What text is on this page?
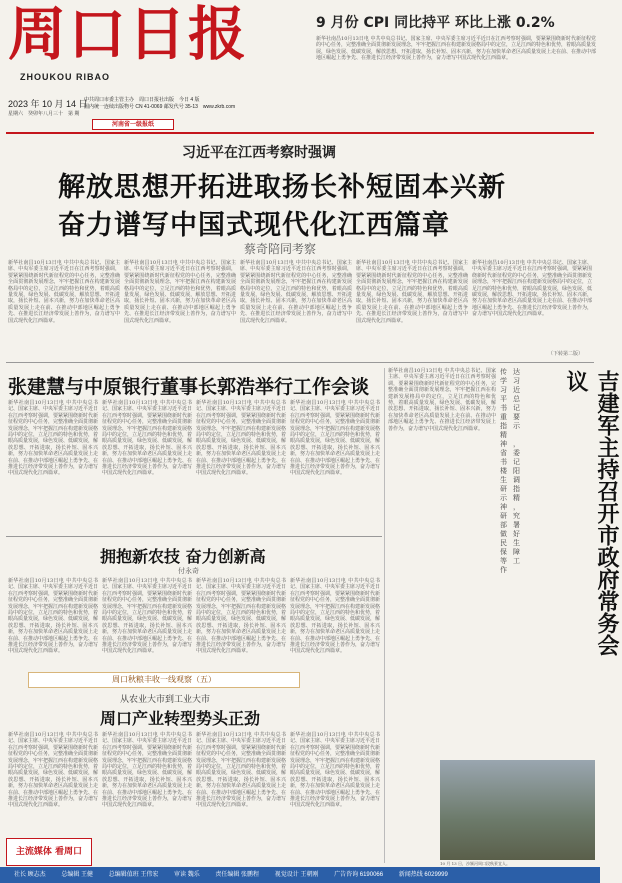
周口日报
ZHOUKOU RIBAO
2023 年 10 月 14 日
星期六　癸卯年八月三十　第 期
中共周口市委主管主办　周口日报社出版　今日 4 版
国内统一连续出版物号 CN 41-0069 邮发代号 35-13　www.zkrb.com
河南省一级报纸
9 月份 CPI 同比持平 环比上涨 0.2%
新华社南昌10月13日电 中共中央总书记、国家主席、中央军委主席习近平近日在江西考察时强调，要紧紧围绕新时代新征程党的中心任务，完整准确全面贯彻新发展理念，牢牢把握江西在构建新发展格局中的定位，立足江西的特色和优势，着眼高质量发展，绿色发展、低碳发展，解放思想、开拓进取，扬长补短、固本兴新，努力在加快革命老区高质量发展上走在前、在推动中部地区崛起上勇争先、在推进长江经济带发展上善作为，奋力谱写中国式现代化江西篇章。
习近平在江西考察时强调
解放思想开拓进取扬长补短固本兴新
奋力谱写中国式现代化江西篇章
蔡奇陪同考察
新华社南昌10月13日电 中共中央总书记、国家主席、中央军委主席习近平近日在江西考察时强调，要紧紧围绕新时代新征程党的中心任务，完整准确全面贯彻新发展理念，牢牢把握江西在构建新发展格局中的定位，立足江西的特色和优势，着眼高质量发展，绿色发展、低碳发展，解放思想、开拓进取，扬长补短、固本兴新，努力在加快革命老区高质量发展上走在前、在推动中部地区崛起上勇争先、在推进长江经济带发展上善作为，奋力谱写中国式现代化江西篇章。
新华社南昌10月13日电 中共中央总书记、国家主席、中央军委主席习近平近日在江西考察时强调，要紧紧围绕新时代新征程党的中心任务，完整准确全面贯彻新发展理念，牢牢把握江西在构建新发展格局中的定位，立足江西的特色和优势，着眼高质量发展，绿色发展、低碳发展，解放思想、开拓进取，扬长补短、固本兴新，努力在加快革命老区高质量发展上走在前、在推动中部地区崛起上勇争先、在推进长江经济带发展上善作为，奋力谱写中国式现代化江西篇章。
新华社南昌10月13日电 中共中央总书记、国家主席、中央军委主席习近平近日在江西考察时强调，要紧紧围绕新时代新征程党的中心任务，完整准确全面贯彻新发展理念，牢牢把握江西在构建新发展格局中的定位，立足江西的特色和优势，着眼高质量发展，绿色发展、低碳发展，解放思想、开拓进取，扬长补短、固本兴新，努力在加快革命老区高质量发展上走在前、在推动中部地区崛起上勇争先、在推进长江经济带发展上善作为，奋力谱写中国式现代化江西篇章。
新华社南昌10月13日电 中共中央总书记、国家主席、中央军委主席习近平近日在江西考察时强调，要紧紧围绕新时代新征程党的中心任务，完整准确全面贯彻新发展理念，牢牢把握江西在构建新发展格局中的定位，立足江西的特色和优势，着眼高质量发展，绿色发展、低碳发展，解放思想、开拓进取，扬长补短、固本兴新，努力在加快革命老区高质量发展上走在前、在推动中部地区崛起上勇争先、在推进长江经济带发展上善作为，奋力谱写中国式现代化江西篇章。
新华社南昌10月13日电 中共中央总书记、国家主席、中央军委主席习近平近日在江西考察时强调，要紧紧围绕新时代新征程党的中心任务，完整准确全面贯彻新发展理念，牢牢把握江西在构建新发展格局中的定位，立足江西的特色和优势，着眼高质量发展，绿色发展、低碳发展，解放思想、开拓进取，扬长补短、固本兴新，努力在加快革命老区高质量发展上走在前、在推动中部地区崛起上勇争先、在推进长江经济带发展上善作为，奋力谱写中国式现代化江西篇章。
（下转第二版）
张建慧与中原银行董事长郭浩举行工作会谈
新华社南昌10月13日电 中共中央总书记、国家主席、中央军委主席习近平近日在江西考察时强调，要紧紧围绕新时代新征程党的中心任务，完整准确全面贯彻新发展理念，牢牢把握江西在构建新发展格局中的定位，立足江西的特色和优势，着眼高质量发展，绿色发展、低碳发展，解放思想、开拓进取，扬长补短、固本兴新，努力在加快革命老区高质量发展上走在前、在推动中部地区崛起上勇争先、在推进长江经济带发展上善作为，奋力谱写中国式现代化江西篇章。
新华社南昌10月13日电 中共中央总书记、国家主席、中央军委主席习近平近日在江西考察时强调，要紧紧围绕新时代新征程党的中心任务，完整准确全面贯彻新发展理念，牢牢把握江西在构建新发展格局中的定位，立足江西的特色和优势，着眼高质量发展，绿色发展、低碳发展，解放思想、开拓进取，扬长补短、固本兴新，努力在加快革命老区高质量发展上走在前、在推动中部地区崛起上勇争先、在推进长江经济带发展上善作为，奋力谱写中国式现代化江西篇章。
新华社南昌10月13日电 中共中央总书记、国家主席、中央军委主席习近平近日在江西考察时强调，要紧紧围绕新时代新征程党的中心任务，完整准确全面贯彻新发展理念，牢牢把握江西在构建新发展格局中的定位，立足江西的特色和优势，着眼高质量发展，绿色发展、低碳发展，解放思想、开拓进取，扬长补短、固本兴新，努力在加快革命老区高质量发展上走在前、在推动中部地区崛起上勇争先、在推进长江经济带发展上善作为，奋力谱写中国式现代化江西篇章。
新华社南昌10月13日电 中共中央总书记、国家主席、中央军委主席习近平近日在江西考察时强调，要紧紧围绕新时代新征程党的中心任务，完整准确全面贯彻新发展理念，牢牢把握江西在构建新发展格局中的定位，立足江西的特色和优势，着眼高质量发展，绿色发展、低碳发展，解放思想、开拓进取，扬长补短、固本兴新，努力在加快革命老区高质量发展上走在前、在推动中部地区崛起上勇争先、在推进长江经济带发展上善作为，奋力谱写中国式现代化江西篇章。
新华社南昌10月13日电 中共中央总书记、国家主席、中央军委主席习近平近日在江西考察时强调，要紧紧围绕新时代新征程党的中心任务，完整准确全面贯彻新发展理念，牢牢把握江西在构建新发展格局中的定位，立足江西的特色和优势，着眼高质量发展，绿色发展、低碳发展，解放思想、开拓进取，扬长补短、固本兴新，努力在加快革命老区高质量发展上走在前、在推动中部地区崛起上勇争先、在推进长江经济带发展上善作为，奋力谱写中国式现代化江西篇章。
传达学习习近平总书记重要指示精神，省委书记楼阳生调研指示精神，研究部署做好民生保障等工作	吉建军主持召开市政府常务会议
拥抱新农技 奋力创新高
付永奇
新华社南昌10月13日电 中共中央总书记、国家主席、中央军委主席习近平近日在江西考察时强调，要紧紧围绕新时代新征程党的中心任务，完整准确全面贯彻新发展理念，牢牢把握江西在构建新发展格局中的定位，立足江西的特色和优势，着眼高质量发展，绿色发展、低碳发展，解放思想、开拓进取，扬长补短、固本兴新，努力在加快革命老区高质量发展上走在前、在推动中部地区崛起上勇争先、在推进长江经济带发展上善作为，奋力谱写中国式现代化江西篇章。
新华社南昌10月13日电 中共中央总书记、国家主席、中央军委主席习近平近日在江西考察时强调，要紧紧围绕新时代新征程党的中心任务，完整准确全面贯彻新发展理念，牢牢把握江西在构建新发展格局中的定位，立足江西的特色和优势，着眼高质量发展，绿色发展、低碳发展，解放思想、开拓进取，扬长补短、固本兴新，努力在加快革命老区高质量发展上走在前、在推动中部地区崛起上勇争先、在推进长江经济带发展上善作为，奋力谱写中国式现代化江西篇章。
新华社南昌10月13日电 中共中央总书记、国家主席、中央军委主席习近平近日在江西考察时强调，要紧紧围绕新时代新征程党的中心任务，完整准确全面贯彻新发展理念，牢牢把握江西在构建新发展格局中的定位，立足江西的特色和优势，着眼高质量发展，绿色发展、低碳发展，解放思想、开拓进取，扬长补短、固本兴新，努力在加快革命老区高质量发展上走在前、在推动中部地区崛起上勇争先、在推进长江经济带发展上善作为，奋力谱写中国式现代化江西篇章。
新华社南昌10月13日电 中共中央总书记、国家主席、中央军委主席习近平近日在江西考察时强调，要紧紧围绕新时代新征程党的中心任务，完整准确全面贯彻新发展理念，牢牢把握江西在构建新发展格局中的定位，立足江西的特色和优势，着眼高质量发展，绿色发展、低碳发展，解放思想、开拓进取，扬长补短、固本兴新，努力在加快革命老区高质量发展上走在前、在推动中部地区崛起上勇争先、在推进长江经济带发展上善作为，奋力谱写中国式现代化江西篇章。
周口秋粮丰收一线观察（五）
从农业大市到工业大市
周口产业转型势头正劲
新华社南昌10月13日电 中共中央总书记、国家主席、中央军委主席习近平近日在江西考察时强调，要紧紧围绕新时代新征程党的中心任务，完整准确全面贯彻新发展理念，牢牢把握江西在构建新发展格局中的定位，立足江西的特色和优势，着眼高质量发展，绿色发展、低碳发展，解放思想、开拓进取，扬长补短、固本兴新，努力在加快革命老区高质量发展上走在前、在推动中部地区崛起上勇争先、在推进长江经济带发展上善作为，奋力谱写中国式现代化江西篇章。
新华社南昌10月13日电 中共中央总书记、国家主席、中央军委主席习近平近日在江西考察时强调，要紧紧围绕新时代新征程党的中心任务，完整准确全面贯彻新发展理念，牢牢把握江西在构建新发展格局中的定位，立足江西的特色和优势，着眼高质量发展，绿色发展、低碳发展，解放思想、开拓进取，扬长补短、固本兴新，努力在加快革命老区高质量发展上走在前、在推动中部地区崛起上勇争先、在推进长江经济带发展上善作为，奋力谱写中国式现代化江西篇章。
新华社南昌10月13日电 中共中央总书记、国家主席、中央军委主席习近平近日在江西考察时强调，要紧紧围绕新时代新征程党的中心任务，完整准确全面贯彻新发展理念，牢牢把握江西在构建新发展格局中的定位，立足江西的特色和优势，着眼高质量发展，绿色发展、低碳发展，解放思想、开拓进取，扬长补短、固本兴新，努力在加快革命老区高质量发展上走在前、在推动中部地区崛起上勇争先、在推进长江经济带发展上善作为，奋力谱写中国式现代化江西篇章。
新华社南昌10月13日电 中共中央总书记、国家主席、中央军委主席习近平近日在江西考察时强调，要紧紧围绕新时代新征程党的中心任务，完整准确全面贯彻新发展理念，牢牢把握江西在构建新发展格局中的定位，立足江西的特色和优势，着眼高质量发展，绿色发展、低碳发展，解放思想、开拓进取，扬长补短、固本兴新，努力在加快革命老区高质量发展上走在前、在推动中部地区崛起上勇争先、在推进长江经济带发展上善作为，奋力谱写中国式现代化江西篇章。
主流媒体 看周口
10 月 13 日，沙颍河周口段秋景宜人。
社长 顾志杰	总编辑 王健	总编辑值班 王伟宏	审读 魏乐	责任编辑 张鹏程	视觉设计 王朝刚	广告咨询 6190066	新闻热线 6029999
